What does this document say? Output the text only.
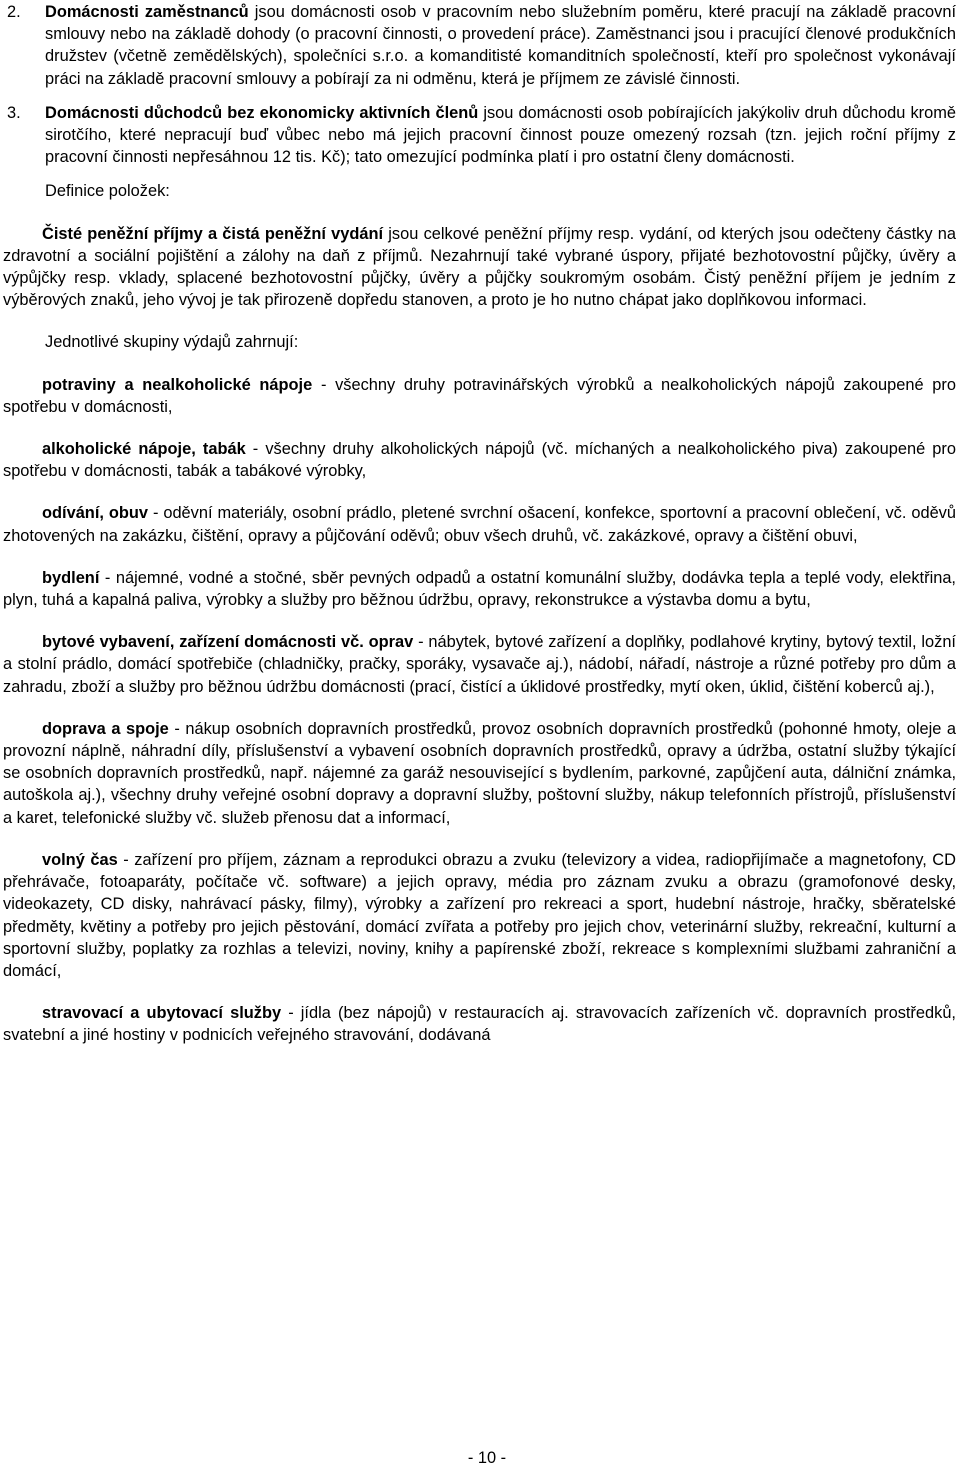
2. Domácnosti zaměstnanců jsou domácnosti osob v pracovním nebo služebním poměru, které pracují na základě pracovní smlouvy nebo na základě dohody (o pracovní činnosti, o provedení práce). Zaměstnanci jsou i pracující členové produkčních družstev (včetně zemědělských), společníci s.r.o. a komanditisté komanditních společností, kteří pro společnost vykonávají práci na základě pracovní smlouvy a pobírají za ni odměnu, která je příjmem ze závislé činnosti.

3. Domácnosti důchodců bez ekonomicky aktivních členů jsou domácnosti osob pobírajících jakýkoliv druh důchodu kromě sirotčího, které nepracují buď vůbec nebo má jejich pracovní činnost pouze omezený rozsah (tzn. jejich roční příjmy z pracovní činnosti nepřesáhnou 12 tis. Kč); tato omezující podmínka platí i pro ostatní členy domácnosti.

Definice položek:

Čisté peněžní příjmy a čistá peněžní vydání jsou celkové peněžní příjmy resp. vydání, od kterých jsou odečteny částky na zdravotní a sociální pojištění a zálohy na daň z příjmů. Nezahrnují také vybrané úspory, přijaté bezhotovostní půjčky, úvěry a výpůjčky resp. vklady, splacené bezhotovostní půjčky, úvěry a půjčky soukromým osobám. Čistý peněžní příjem je jedním z výběrových znaků, jeho vývoj je tak přirozeně dopředu stanoven, a proto je ho nutno chápat jako doplňkovou informaci.

Jednotlivé skupiny výdajů zahrnují:

potraviny a nealkoholické nápoje - všechny druhy potravinářských výrobků a nealkoholických nápojů zakoupené pro spotřebu v domácnosti,

alkoholické nápoje, tabák - všechny druhy alkoholických nápojů (vč. míchaných a nealkoholického piva) zakoupené pro spotřebu v domácnosti, tabák a tabákové výrobky,

odívání, obuv - oděvní materiály, osobní prádlo, pletené svrchní ošacení, konfekce, sportovní a pracovní oblečení, vč. oděvů zhotovených na zakázku, čištění, opravy a půjčování oděvů; obuv všech druhů, vč. zakázkové, opravy a čištění obuvi,

bydlení - nájemné, vodné a stočné, sběr pevných odpadů a ostatní komunální služby, dodávka tepla a teplé vody, elektřina, plyn, tuhá a kapalná paliva, výrobky a služby pro běžnou údržbu, opravy, rekonstrukce a výstavba domu a bytu,

bytové vybavení, zařízení domácnosti vč. oprav - nábytek, bytové zařízení a doplňky, podlahové krytiny, bytový textil, ložní a stolní prádlo, domácí spotřebiče (chladničky, pračky, sporáky, vysavače aj.), nádobí, nářadí, nástroje a různé potřeby pro dům a zahradu, zboží a služby pro běžnou údržbu domácnosti (prací, čistící a úklidové prostředky, mytí oken, úklid, čištění koberců aj.),

doprava a spoje - nákup osobních dopravních prostředků, provoz osobních dopravních prostředků (pohonné hmoty, oleje a provozní náplně, náhradní díly, příslušenství a vybavení osobních dopravních prostředků, opravy a údržba, ostatní služby týkající se osobních dopravních prostředků, např. nájemné za garáž nesouvisející s bydlením, parkovné, zapůjčení auta, dálniční známka, autoškola aj.), všechny druhy veřejné osobní dopravy a dopravní služby, poštovní služby, nákup telefonních přístrojů, příslušenství a karet, telefonické služby vč. služeb přenosu dat a informací,

volný čas - zařízení pro příjem, záznam a reprodukci obrazu a zvuku (televizory a videa, radiopřijímače a magnetofony, CD přehrávače, fotoaparáty, počítače vč. software) a jejich opravy, média pro záznam zvuku a obrazu (gramofonové desky, videokazety, CD disky, nahrávací pásky, filmy), výrobky a zařízení pro rekreaci a sport, hudební nástroje, hračky, sběratelské předměty, květiny a potřeby pro jejich pěstování, domácí zvířata a potřeby pro jejich chov, veterinární služby, rekreační, kulturní a sportovní služby, poplatky za rozhlas a televizi, noviny, knihy a papírenské zboží, rekreace s komplexními službami zahraniční a domácí,

stravovací a ubytovací služby - jídla (bez nápojů) v restauracích aj. stravovacích zařízeních vč. dopravních prostředků, svatební a jiné hostiny v podnicích veřejného stravování, dodávaná

- 10 -
